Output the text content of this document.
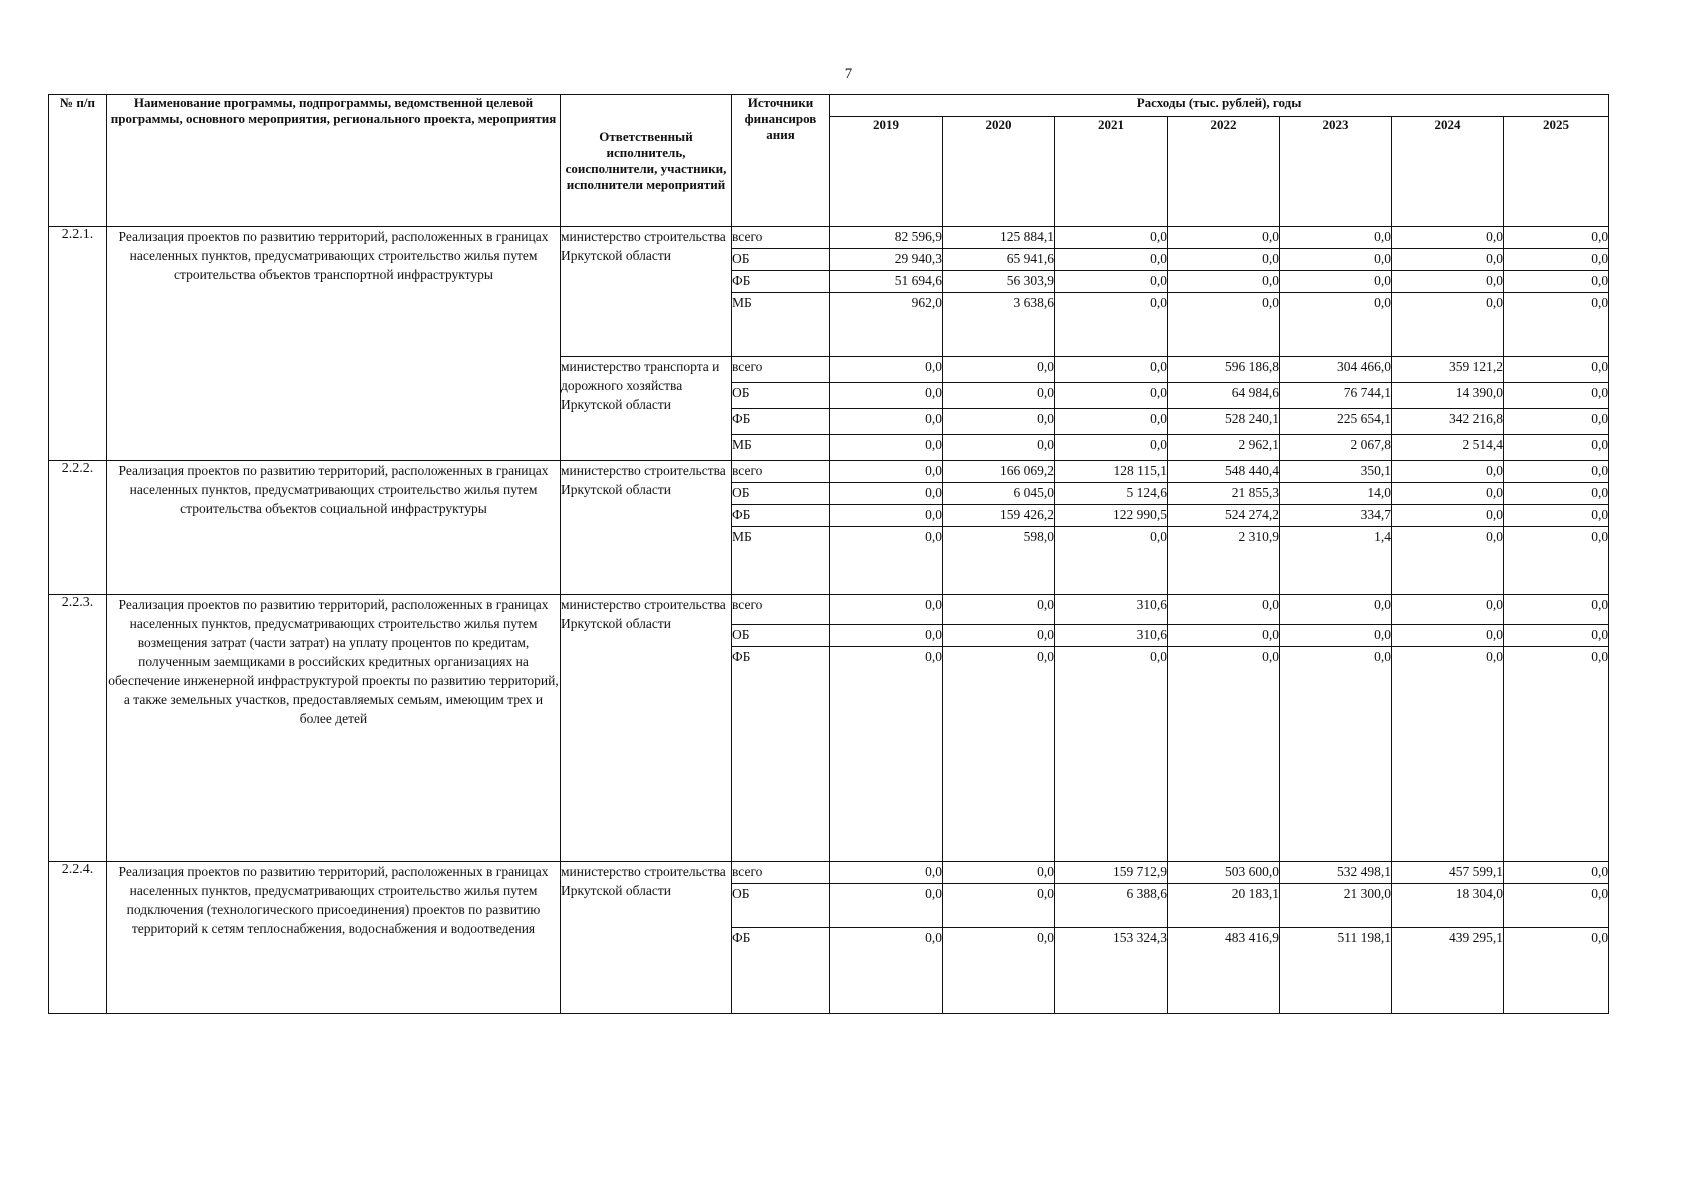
7
№ п/п	Наименование программы, подпрограммы, ведомственной целевой программы, основного мероприятия, регионального проекта, мероприятия	Ответственный исполнитель, соисполнители, участники, исполнители мероприятий	Источники финансиров ания	Расходы (тыс. рублей), годы						
				2019	2020	2021	2022	2023	2024	2025
2.2.1.	Реализация проектов по развитию территорий, расположенных в границах населенных пунктов, предусматривающих строительство жилья путем строительства объектов транспортной инфраструктуры	министерство строительства Иркутской области	всего	82 596,9	125 884,1	0,0	0,0	0,0	0,0	0,0
			ОБ	29 940,3	65 941,6	0,0	0,0	0,0	0,0	0,0
			ФБ	51 694,6	56 303,9	0,0	0,0	0,0	0,0	0,0
			МБ	962,0	3 638,6	0,0	0,0	0,0	0,0	0,0
		министерство транспорта и дорожного хозяйства Иркутской области	всего	0,0	0,0	0,0	596 186,8	304 466,0	359 121,2	0,0
			ОБ	0,0	0,0	0,0	64 984,6	76 744,1	14 390,0	0,0
			ФБ	0,0	0,0	0,0	528 240,1	225 654,1	342 216,8	0,0
			МБ	0,0	0,0	0,0	2 962,1	2 067,8	2 514,4	0,0
2.2.2.	Реализация проектов по развитию территорий, расположенных в границах населенных пунктов, предусматривающих строительство жилья путем строительства объектов социальной инфраструктуры	министерство строительства Иркутской области	всего	0,0	166 069,2	128 115,1	548 440,4	350,1	0,0	0,0
			ОБ	0,0	6 045,0	5 124,6	21 855,3	14,0	0,0	0,0
			ФБ	0,0	159 426,2	122 990,5	524 274,2	334,7	0,0	0,0
			МБ	0,0	598,0	0,0	2 310,9	1,4	0,0	0,0
2.2.3.	Реализация проектов по развитию территорий, расположенных в границах населенных пунктов, предусматривающих строительство жилья путем возмещения затрат (части затрат) на уплату процентов по кредитам, полученным заемщиками в российских кредитных организациях на обеспечение инженерной инфраструктурой проекты по развитию территорий, а также земельных участков, предоставляемых семьям, имеющим трех и более детей	министерство строительства Иркутской области	всего	0,0	0,0	310,6	0,0	0,0	0,0	0,0
			ОБ	0,0	0,0	310,6	0,0	0,0	0,0	0,0
			ФБ	0,0	0,0	0,0	0,0	0,0	0,0	0,0
2.2.4.	Реализация проектов по развитию территорий, расположенных в границах населенных пунктов, предусматривающих строительство жилья путем подключения (технологического присоединения) проектов по развитию территорий к сетям теплоснабжения, водоснабжения и водоотведения	министерство строительства Иркутской области	всего	0,0	0,0	159 712,9	503 600,0	532 498,1	457 599,1	0,0
			ОБ	0,0	0,0	6 388,6	20 183,1	21 300,0	18 304,0	0,0
			ФБ	0,0	0,0	153 324,3	483 416,9	511 198,1	439 295,1	0,0
